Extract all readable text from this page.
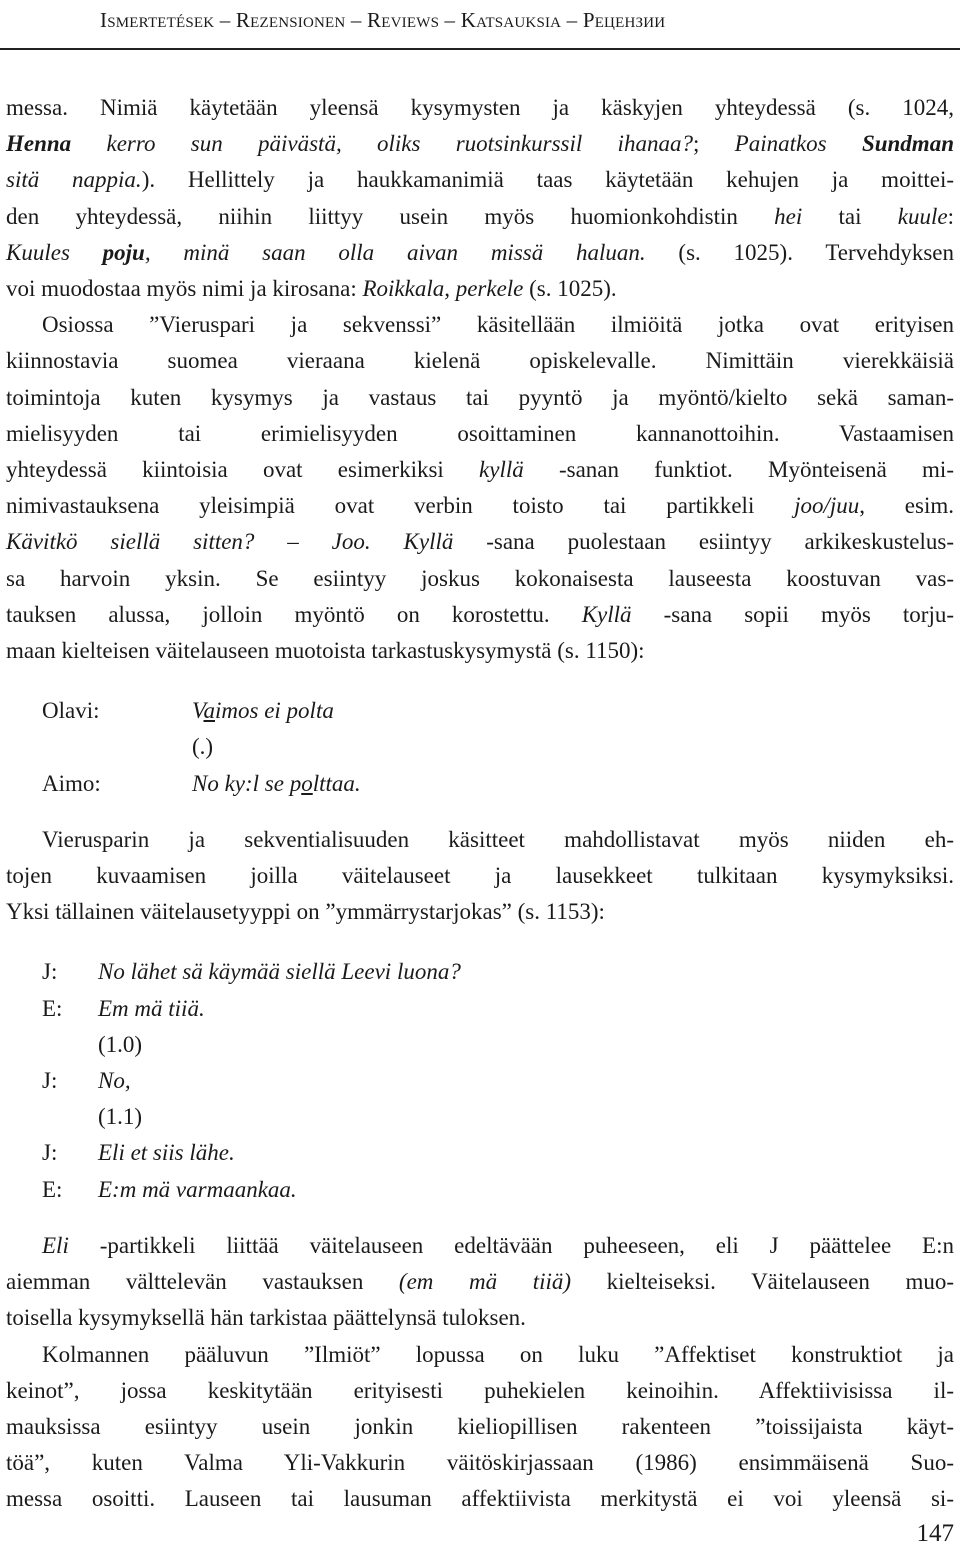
Ismertetések – Rezensionen – Reviews – Katsauksia – Рецензии
messa. Nimiä käytetään yleensä kysymysten ja käskyjen yhteydessä (s. 1024,
Henna kerro sun päivästä, oliks ruotsinkurssil ihanaa?; Painatkos Sundman
sitä nappia.). Hellittely ja haukkamanimiä taas käytetään kehujen ja moittei-
den yhteydessä, niihin liittyy usein myös huomionkohdistin hei tai kuule:
Kuules poju, minä saan olla aivan missä haluan. (s. 1025). Tervehdyksen
voi muodostaa myös nimi ja kirosana: Roikkala, perkele (s. 1025).
Osiossa ”Vieruspari ja sekvenssi” käsitellään ilmiöitä jotka ovat erityisen
kiinnostavia suomea vieraana kielenä opiskelevalle. Nimittäin vierekkäisiä
toimintoja kuten kysymys ja vastaus tai pyyntö ja myöntö/kielto sekä saman-
mielisyyden tai erimielisyyden osoittaminen kannanottoihin. Vastaamisen
yhteydessä kiintoisia ovat esimerkiksi kyllä -sanan funktiot. Myönteisenä mi-
nimivastauksena yleisimpiä ovat verbin toisto tai partikkeli joo/juu, esim.
Kävitkö siellä sitten? – Joo. Kyllä -sana puolestaan esiintyy arkikeskustelus-
sa harvoin yksin. Se esiintyy joskus kokonaisesta lauseesta koostuvan vas-
tauksen alussa, jolloin myöntö on korostettu. Kyllä -sana sopii myös torju-
maan kielteisen väitelauseen muotoista tarkastuskysymystä (s. 1150):
Olavi:	Vaimos ei polta
(.)
Aimo:	No ky:l se polttaa.
Vierusparin ja sekventialisuuden käsitteet mahdollistavat myös niiden eh-
tojen kuvaamisen joilla väitelauseet ja lausekkeet tulkitaan kysymyksiksi.
Yksi tällainen väitelausetyyppi on ”ymmärrystarjokas” (s. 1153):
J:	No lähet sä käymää siellä Leevi luona?
E:	Em mä tiiä.
(1.0)
J:	No,
(1.1)
J:	Eli et siis lähe.
E:	E:m mä varmaankaa.
Eli -partikkeli liittää väitelauseen edeltävään puheeseen, eli J päättelee E:n
aiemman välttelevän vastauksen (em mä tiiä) kielteiseksi. Väitelauseen muo-
toisella kysymyksellä hän tarkistaa päättelynsä tuloksen.
Kolmannen pääluvun ”Ilmiöt” lopussa on luku ”Affektiset konstruktiot ja
keinot”, jossa keskitytään erityisesti puhekielen keinoihin. Affektiivisissa il-
mauksissa esiintyy usein jonkin kieliopillisen rakenteen ”toissijaista käyt-
töä”, kuten Valma Yli-Vakkurin väitöskirjassaan (1986) ensimmäisenä Suo-
messa osoitti. Lauseen tai lausuman affektiivista merkitystä ei voi yleensä si-
147
